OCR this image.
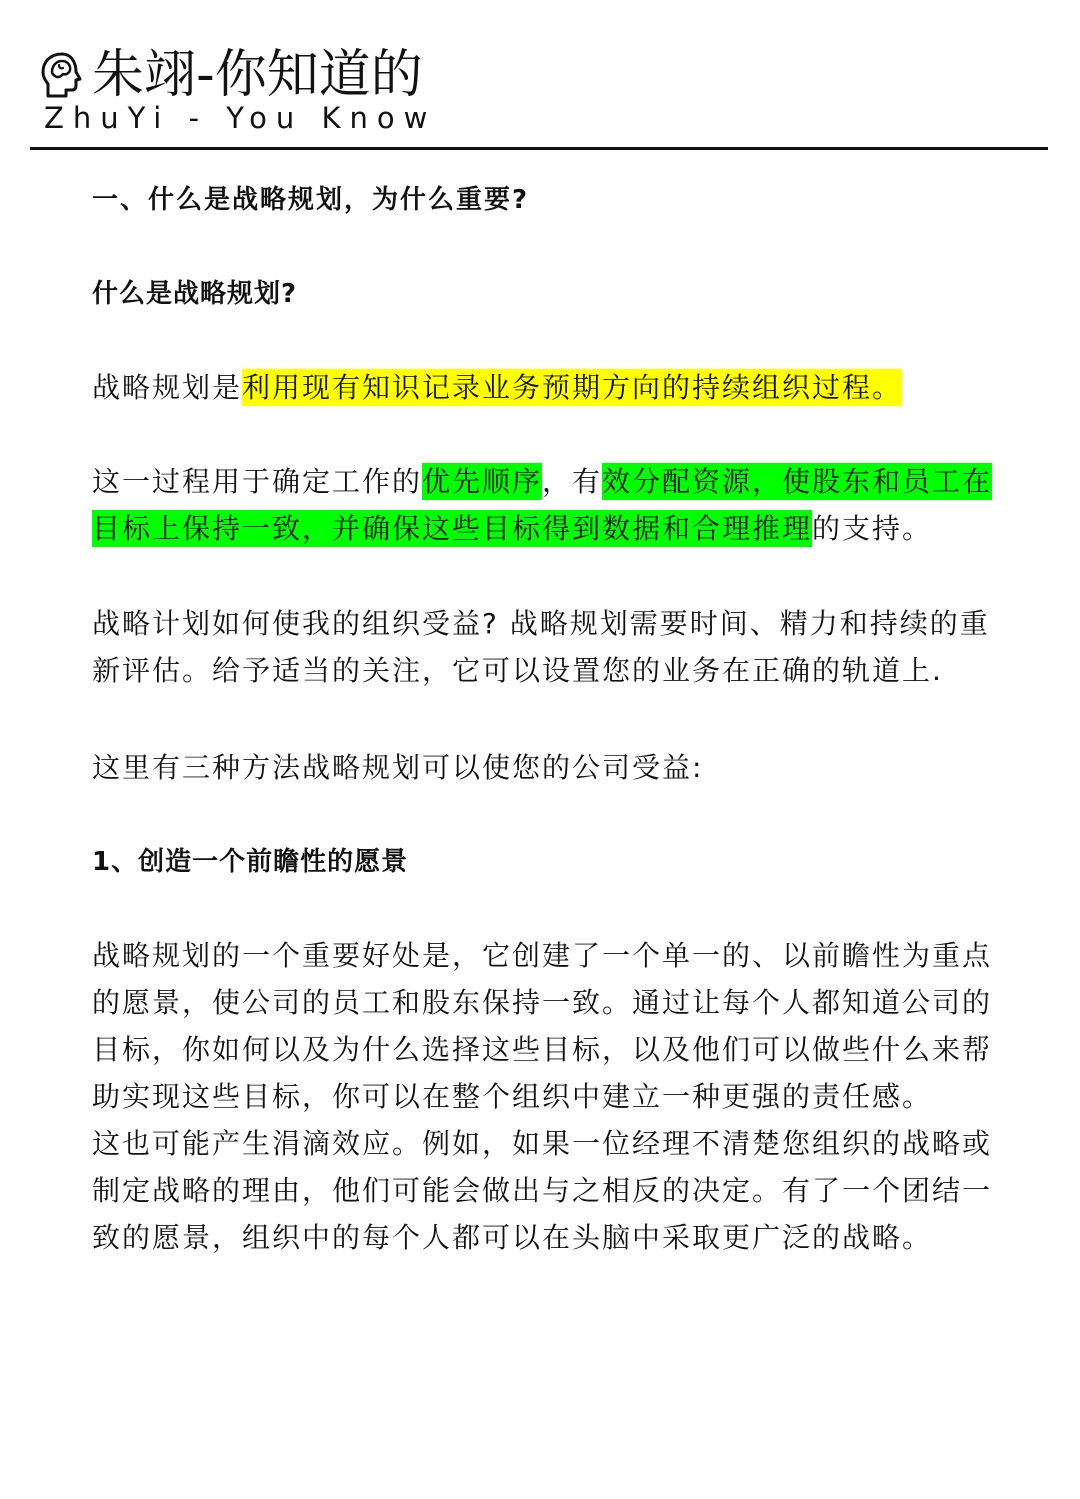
朱翊-你知道的
ZhuYi - You Know
一、什么是战略规划，为什么重要?
什么是战略规划?

战略规划是利用现有知识记录业务预期方向的持续组织过程。

这一过程用于确定工作的优先顺序，有效分配资源，使股东和员工在目标上保持一致，并确保这些目标得到数据和合理推理的支持。

战略计划如何使我的组织受益? 战略规划需要时间、精力和持续的重新评估。给予适当的关注，它可以设置您的业务在正确的轨道上.

这里有三种方法战略规划可以使您的公司受益:

1、创造一个前瞻性的愿景

战略规划的一个重要好处是，它创建了一个单一的、以前瞻性为重点的愿景，使公司的员工和股东保持一致。通过让每个人都知道公司的目标，你如何以及为什么选择这些目标，以及他们可以做些什么来帮助实现这些目标，你可以在整个组织中建立一种更强的责任感。

这也可能产生涓滴效应。例如，如果一位经理不清楚您组织的战略或制定战略的理由，他们可能会做出与之相反的决定。有了一个团结一致的愿景，组织中的每个人都可以在头脑中采取更广泛的战略。
